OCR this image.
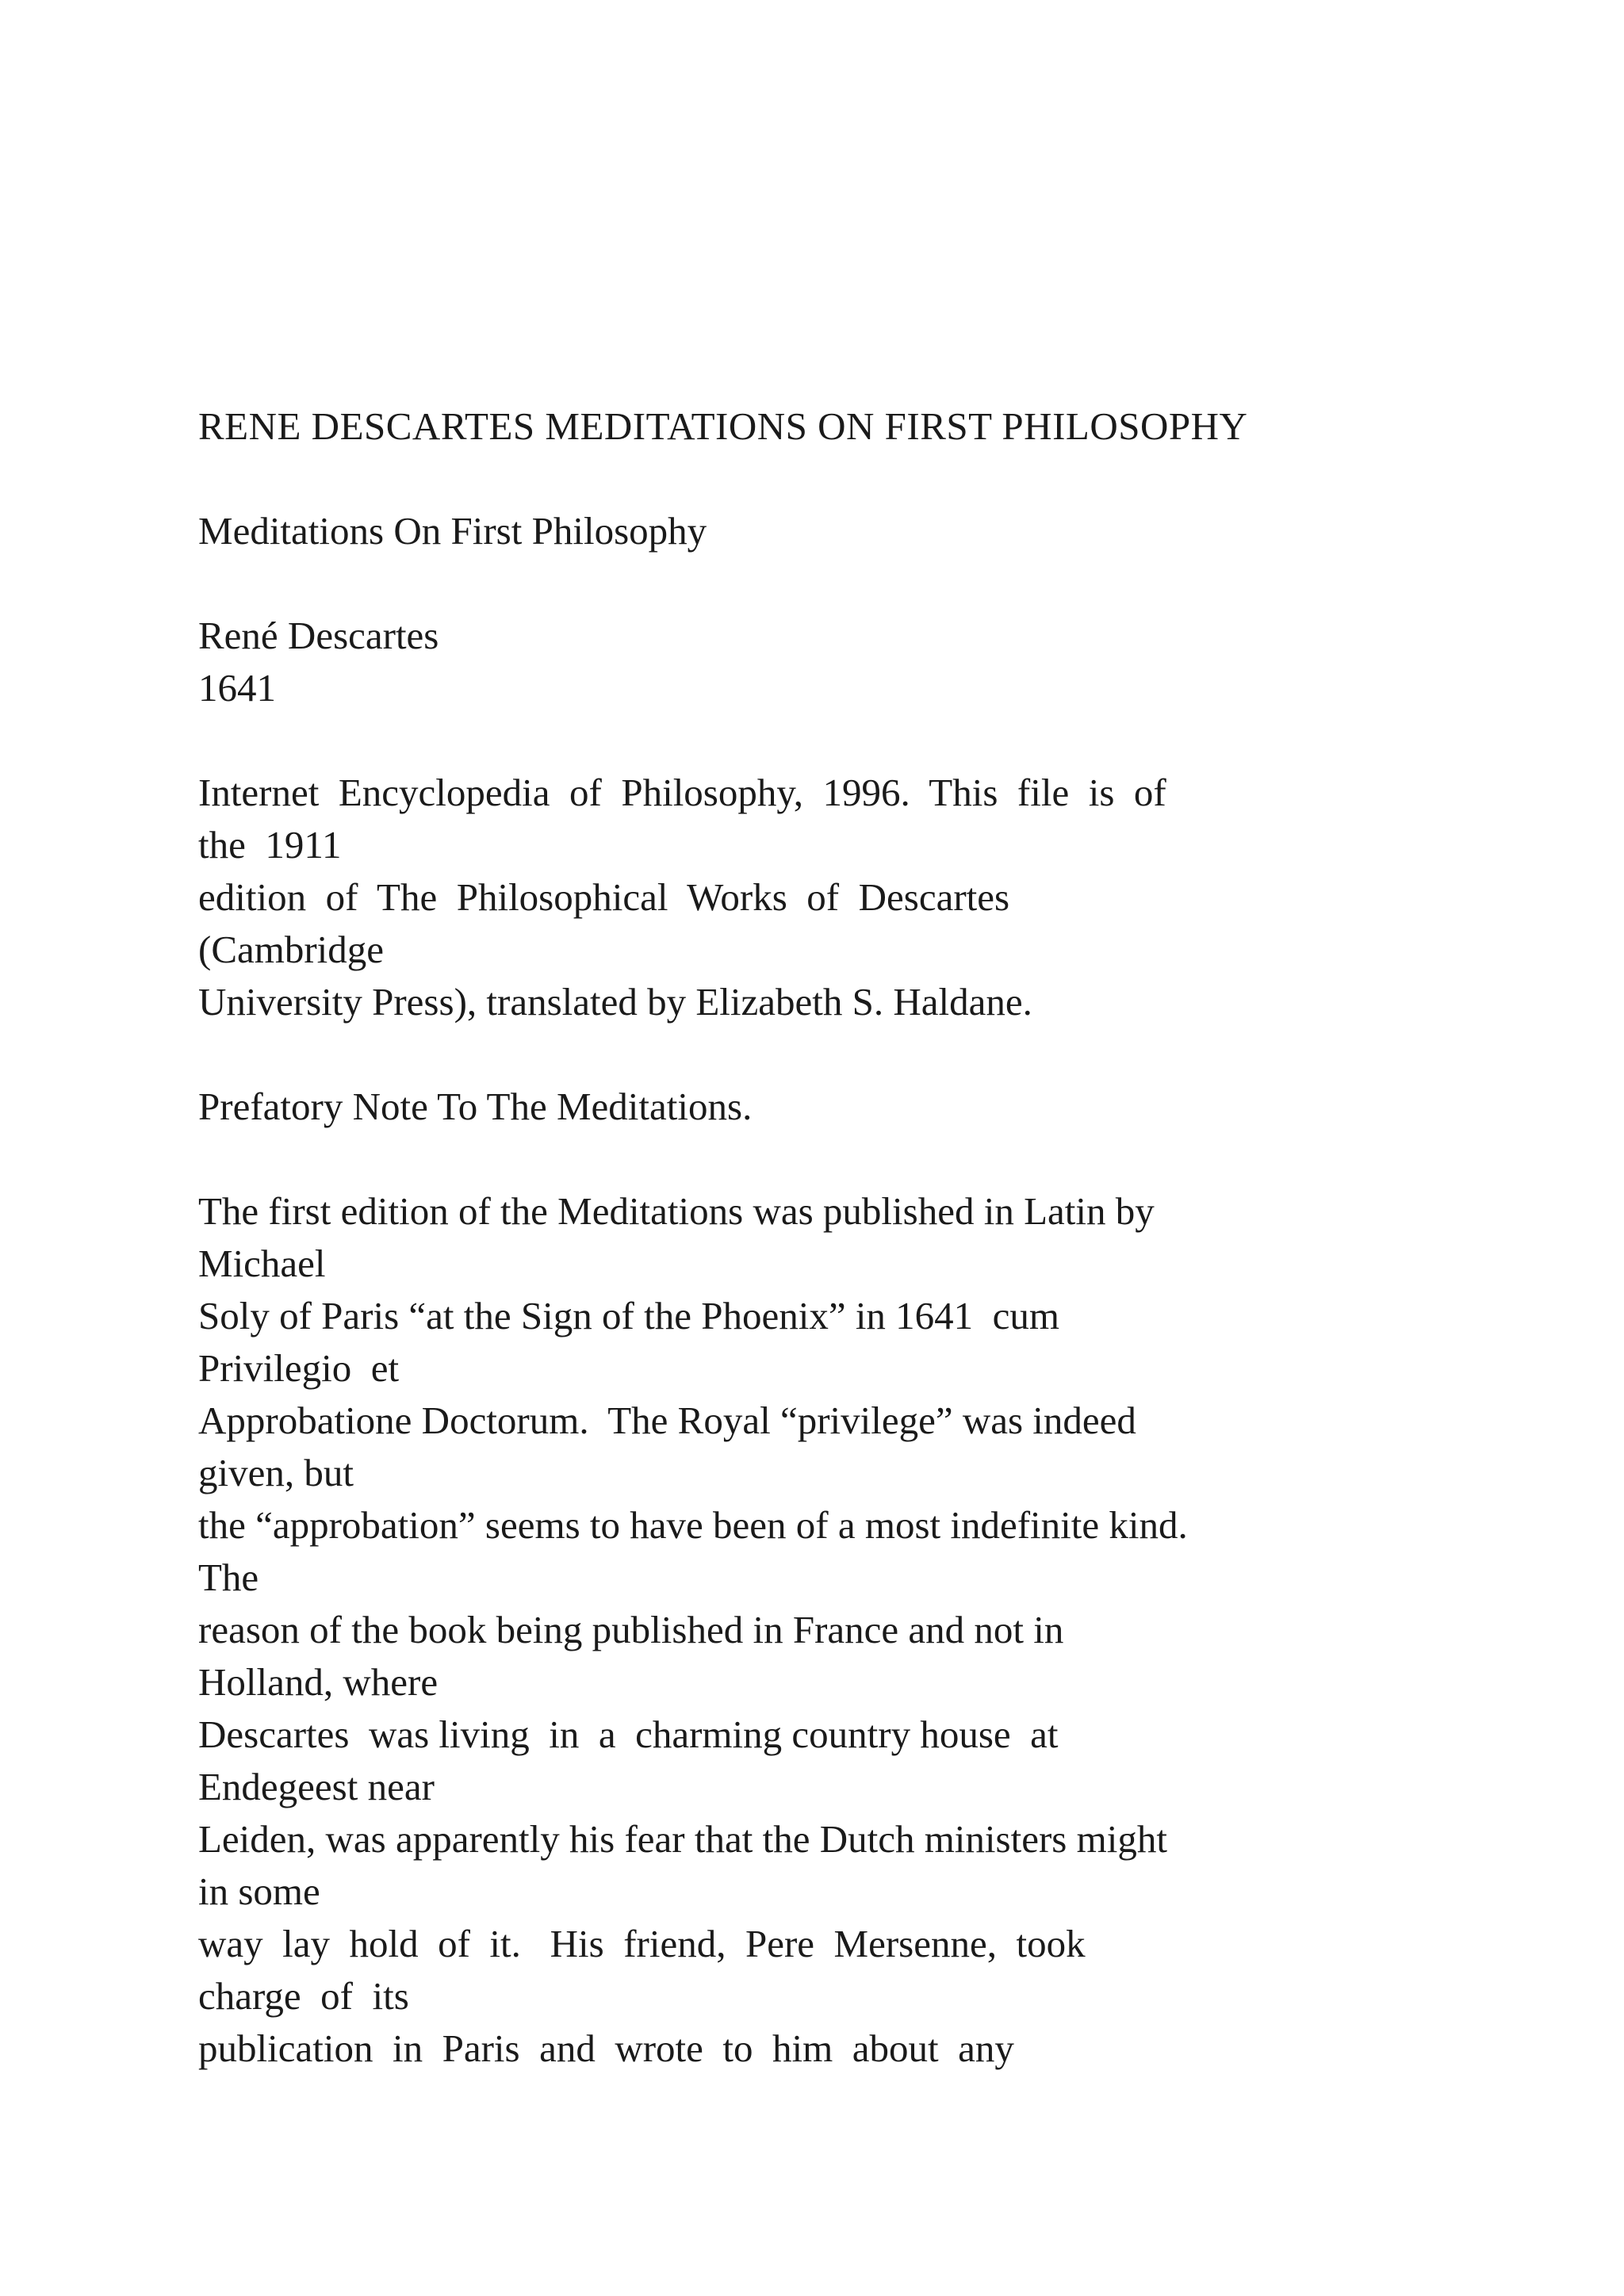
RENE DESCARTES MEDITATIONS ON FIRST PHILOSOPHY
Meditations On First Philosophy
René Descartes
1641
Internet  Encyclopedia  of  Philosophy,  1996.  This  file  is  of
the  1911
edition  of  The  Philosophical  Works  of  Descartes
(Cambridge
University Press), translated by Elizabeth S. Haldane.
Prefatory Note To The Meditations.
The first edition of the Meditations was published in Latin by
Michael
Soly of Paris “at the Sign of the Phoenix” in 1641  cum
Privilegio  et
Approbatione Doctorum.  The Royal “privilege” was indeed
given, but
the “approbation” seems to have been of a most indefinite kind.
The
reason of the book being published in France and not in
Holland, where
Descartes  was living  in  a  charming country house  at
Endegeest near
Leiden, was apparently his fear that the Dutch ministers might
in some
way  lay  hold  of  it.   His  friend,  Pere  Mersenne,  took
charge  of  its
publication  in  Paris  and  wrote  to  him  about  any
